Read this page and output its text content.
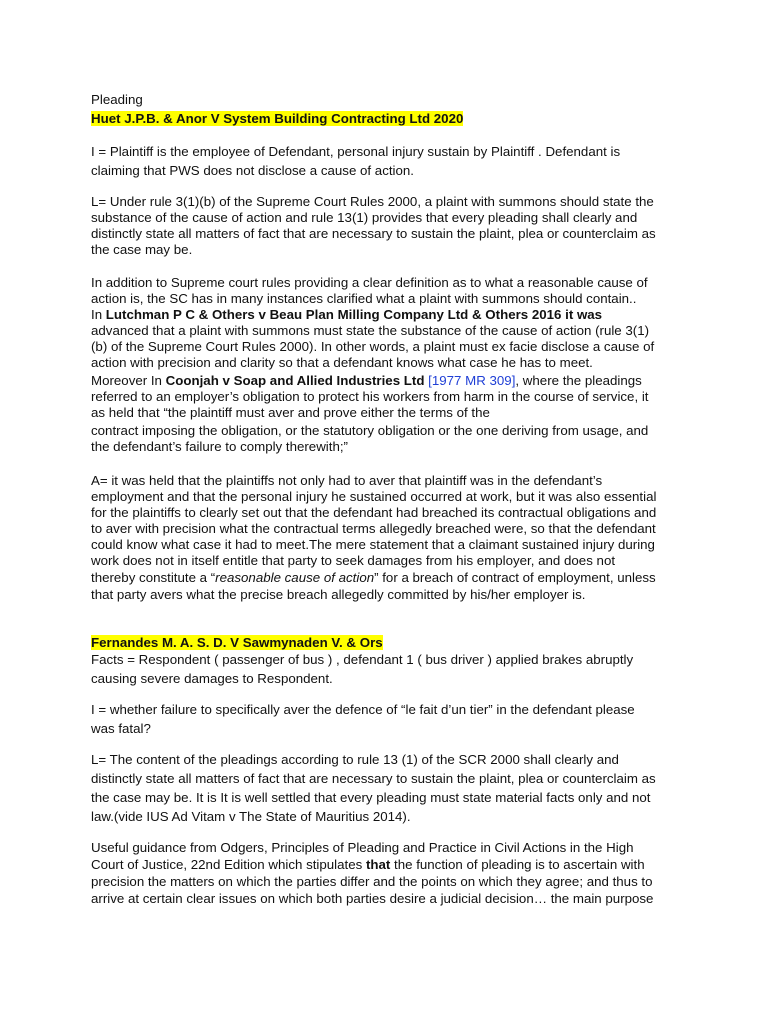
Pleading
Huet J.P.B. & Anor V System Building Contracting Ltd 2020
I = Plaintiff is the employee of Defendant, personal injury sustain by Plaintiff . Defendant is
claiming that PWS does not disclose a cause of action.
L= Under rule 3(1)(b) of the Supreme Court Rules 2000, a plaint with summons should state the
substance of the cause of action and rule 13(1) provides that every pleading shall clearly and
distinctly state all matters of fact that are necessary to sustain the plaint, plea or counterclaim as
the case may be.
In addition to Supreme court rules providing a clear definition as to what a reasonable cause of
action is, the SC has in many instances clarified what a plaint with summons should contain..
In Lutchman P C & Others v Beau Plan Milling Company Ltd & Others 2016 it was
advanced that a plaint with summons must state the substance of the cause of action (rule 3(1)
(b) of the Supreme Court Rules 2000). In other words, a plaint must ex facie disclose a cause of
action with precision and clarity so that a defendant knows what case he has to meet.
Moreover In Coonjah v Soap and Allied Industries Ltd [1977 MR 309], where the pleadings
referred to an employer’s obligation to protect his workers from harm in the course of service, it
as held that “the plaintiff must aver and prove either the terms of the
contract imposing the obligation, or the statutory obligation or the one deriving from usage, and
the defendant’s failure to comply therewith;”
A= it was held that the plaintiffs not only had to aver that plaintiff was in the defendant’s
employment and that the personal injury he sustained occurred at work, but it was also essential
for the plaintiffs to clearly set out that the defendant had breached its contractual obligations and
to aver with precision what the contractual terms allegedly breached were, so that the defendant
could know what case it had to meet.The mere statement that a claimant sustained injury during
work does not in itself entitle that party to seek damages from his employer, and does not
thereby constitute a “reasonable cause of action” for a breach of contract of employment, unless
that party avers what the precise breach allegedly committed by his/her employer is.
Fernandes M. A. S. D. V Sawmynaden V. & Ors
Facts = Respondent ( passenger of bus ) , defendant 1 ( bus driver ) applied brakes abruptly
causing severe damages to Respondent.
I = whether failure to specifically aver the defence of “le fait d’un tier” in the defendant please
was fatal?
L= The content of the pleadings according to rule 13 (1) of the SCR 2000 shall clearly and
distinctly state all matters of fact that are necessary to sustain the plaint, plea or counterclaim as
the case may be. It is It is well settled that every pleading must state material facts only and not
law.(vide IUS Ad Vitam v The State of Mauritius 2014).
Useful guidance from Odgers, Principles of Pleading and Practice in Civil Actions in the High
Court of Justice, 22nd Edition which stipulates that the function of pleading is to ascertain with
precision the matters on which the parties differ and the points on which they agree; and thus to
arrive at certain clear issues on which both parties desire a judicial decision… the main purpose
